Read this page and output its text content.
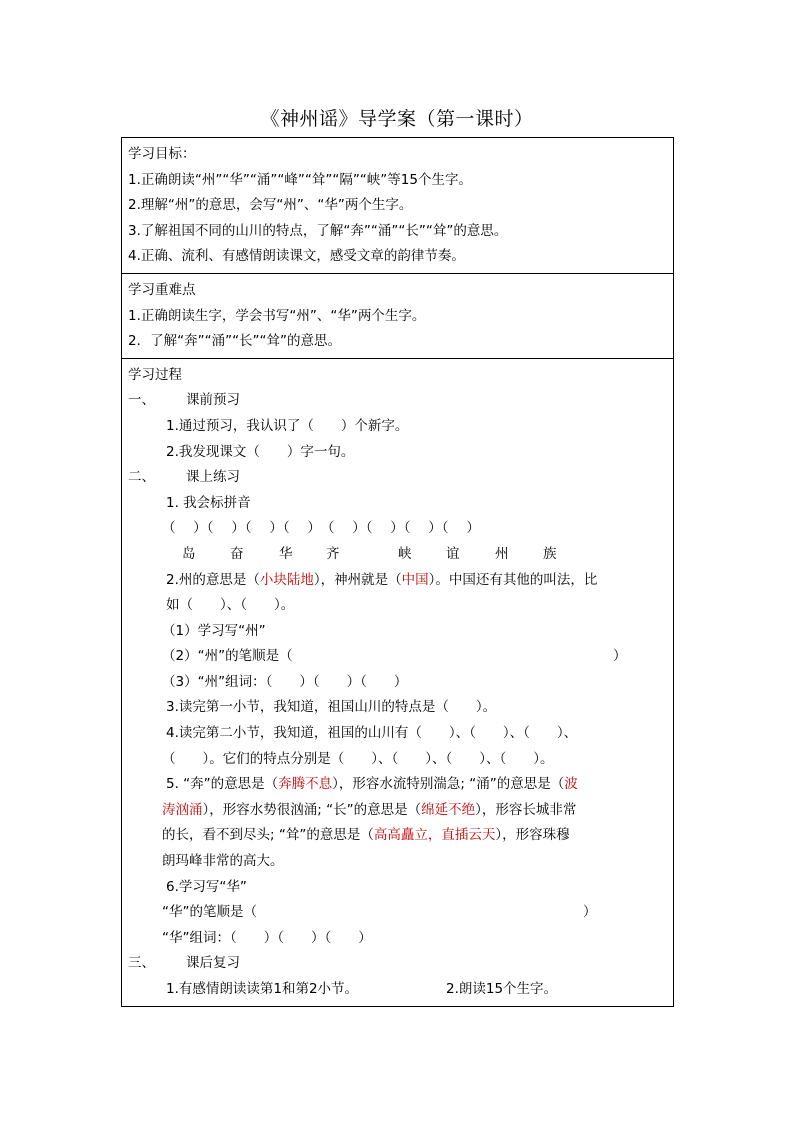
《神州谣》导学案（第一课时）
学习目标：
1.正确朗读“州”“华”“涌”“峰”“耸”“隔”“峡”等15个生字。
2.理解“州”的意思，会写“州”、“华”两个生字。
3.了解祖国不同的山川的特点，了解“奔”“涌”“长”“耸”的意思。
4.正确、流利、有感情朗读课文，感受文章的韵律节奏。
学习重难点
1.正确朗读生字，学会书写“州”、“华”两个生字。
2．了解“奔”“涌”“长”“耸”的意思。
学习过程
一、 课前预习
1.通过预习，我认识了（　　）个新字。
2.我发现课文（　　）字一句。
二、 课上练习
1. 我会标拼音
（　 ）（　 ）（　 ）（　 ）　（　 ）（　 ）（　 ）（　 ）
岛	奋	华 齐	峡	谊	州	族
2.州的意思是（小块陆地），神州就是（中国）。中国还有其他的叫法，比
如（　　）、（　　）。
（1）学习写“州”
（2）“州”的笔顺是（	）
（3）“州”组词：（　　）（　　）（　　）
3.读完第一小节，我知道，祖国山川的特点是（　　）。
4.读完第二小节，我知道，祖国的山川有（　　）、（　　）、（　　）、
（　　）。它们的特点分别是（　　）、（　　）、（　　）、（　　）。
5. “奔”的意思是（奔腾不息），形容水流特别湍急; “涌”的意思是（波
涛汹涌），形容水势很汹涌; “长”的意思是（绵延不绝），形容长城非常
的长，看不到尽头; “耸”的意思是（高高矗立，直插云天），形容珠穆
朗玛峰非常的高大。
6.学习写“华”
“华”的笔顺是（	）
“华”组词：（　　）（　　）（　　）
三、 课后复习
1.有感情朗读读第1和第2小节。	2.朗读15个生字。
